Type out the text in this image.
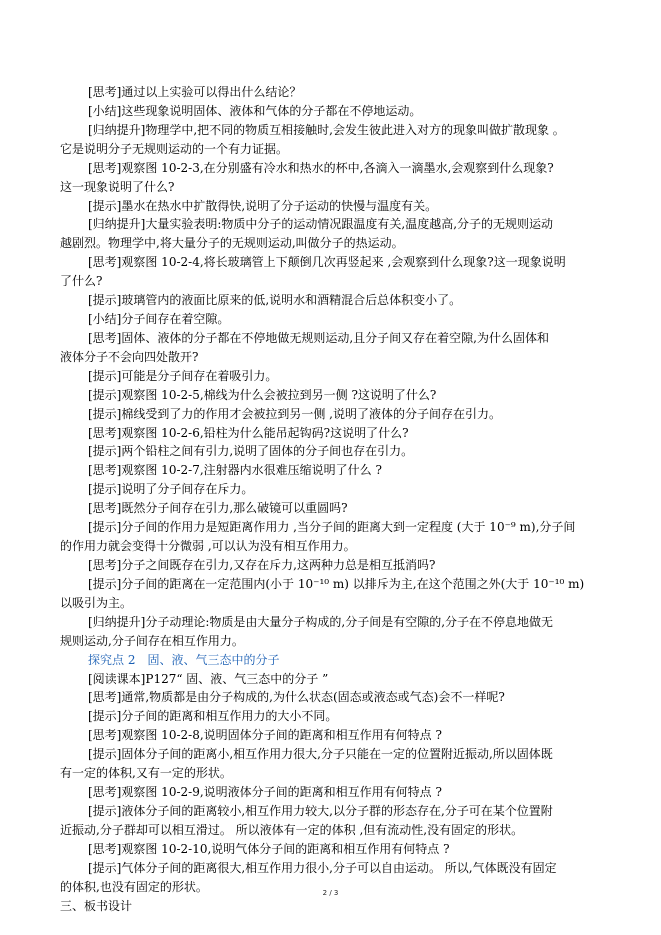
[思考]通过以上实验可以得出什么结论？
[小结]这些现象说明固体、液体和气体的分子都在不停地运动。
[归纳提升]物理学中,把不同的物质互相接触时,会发生彼此进入对方的现象叫做扩散现象 。
它是说明分子无规则运动的一个有力证据。
[思考]观察图 10-2-3,在分别盛有冷水和热水的杯中,各滴入一滴墨水,会观察到什么现象?
这一现象说明了什么?
[提示]墨水在热水中扩散得快,说明了分子运动的快慢与温度有关。
[归纳提升]大量实验表明:物质中分子的运动情况跟温度有关,温度越高,分子的无规则运动
越剧烈。物理学中,将大量分子的无规则运动,叫做分子的热运动。
[思考]观察图 10-2-4,将长玻璃管上下颠倒几次再竖起来 ,会观察到什么现象?这一现象说明
了什么?
[提示]玻璃管内的液面比原来的低,说明水和酒精混合后总体积变小了。
[小结]分子间存在着空隙。
[思考]固体、液体的分子都在不停地做无规则运动,且分子间又存在着空隙,为什么固体和
液体分子不会向四处散开?
[提示]可能是分子间存在着吸引力。
[提示]观察图 10-2-5,棉线为什么会被拉到另一侧 ?这说明了什么?
[提示]棉线受到了力的作用才会被拉到另一侧 ,说明了液体的分子间存在引力。
[思考]观察图 10-2-6,铅柱为什么能吊起钩码?这说明了什么?
[提示]两个铅柱之间有引力,说明了固体的分子间也存在引力。
[思考]观察图 10-2-7,注射器内水很难压缩说明了什么 ?
[提示]说明了分子间存在斥力。
[思考]既然分子间存在引力,那么破镜可以重圆吗?
[提示]分子间的作用力是短距离作用力 ,当分子间的距离大到一定程度 (大于 10⁻⁹ m),分子间
的作用力就会变得十分微弱 ,可以认为没有相互作用力。
[思考]分子之间既存在引力,又存在斥力,这两种力总是相互抵消吗?
[提示]分子间的距离在一定范围内(小于 10⁻¹⁰ m) 以排斥为主,在这个范围之外(大于 10⁻¹⁰ m)
以吸引为主。
[归纳提升]分子动理论:物质是由大量分子构成的,分子间是有空隙的,分子在不停息地做无
规则运动,分子间存在相互作用力。
探究点 2　固、液、气三态中的分子
[阅读课本]P127“ 固、液、气三态中的分子 ”
[思考]通常,物质都是由分子构成的,为什么状态(固态或液态或气态)会不一样呢?
[提示]分子间的距离和相互作用力的大小不同。
[思考]观察图 10-2-8,说明固体分子间的距离和相互作用有何特点 ?
[提示]固体分子间的距离小,相互作用力很大,分子只能在一定的位置附近振动,所以固体既
有一定的体积,又有一定的形状。
[思考]观察图 10-2-9,说明液体分子间的距离和相互作用有何特点 ?
[提示]液体分子间的距离较小,相互作用力较大,以分子群的形态存在,分子可在某个位置附
近振动,分子群却可以相互滑过。 所以液体有一定的体积 ,但有流动性,没有固定的形状。
[思考]观察图 10-2-10,说明气体分子间的距离和相互作用有何特点 ?
[提示]气体分子间的距离很大,相互作用力很小,分子可以自由运动。 所以,气体既没有固定
的体积,也没有固定的形状。
三、板书设计
2 / 3
